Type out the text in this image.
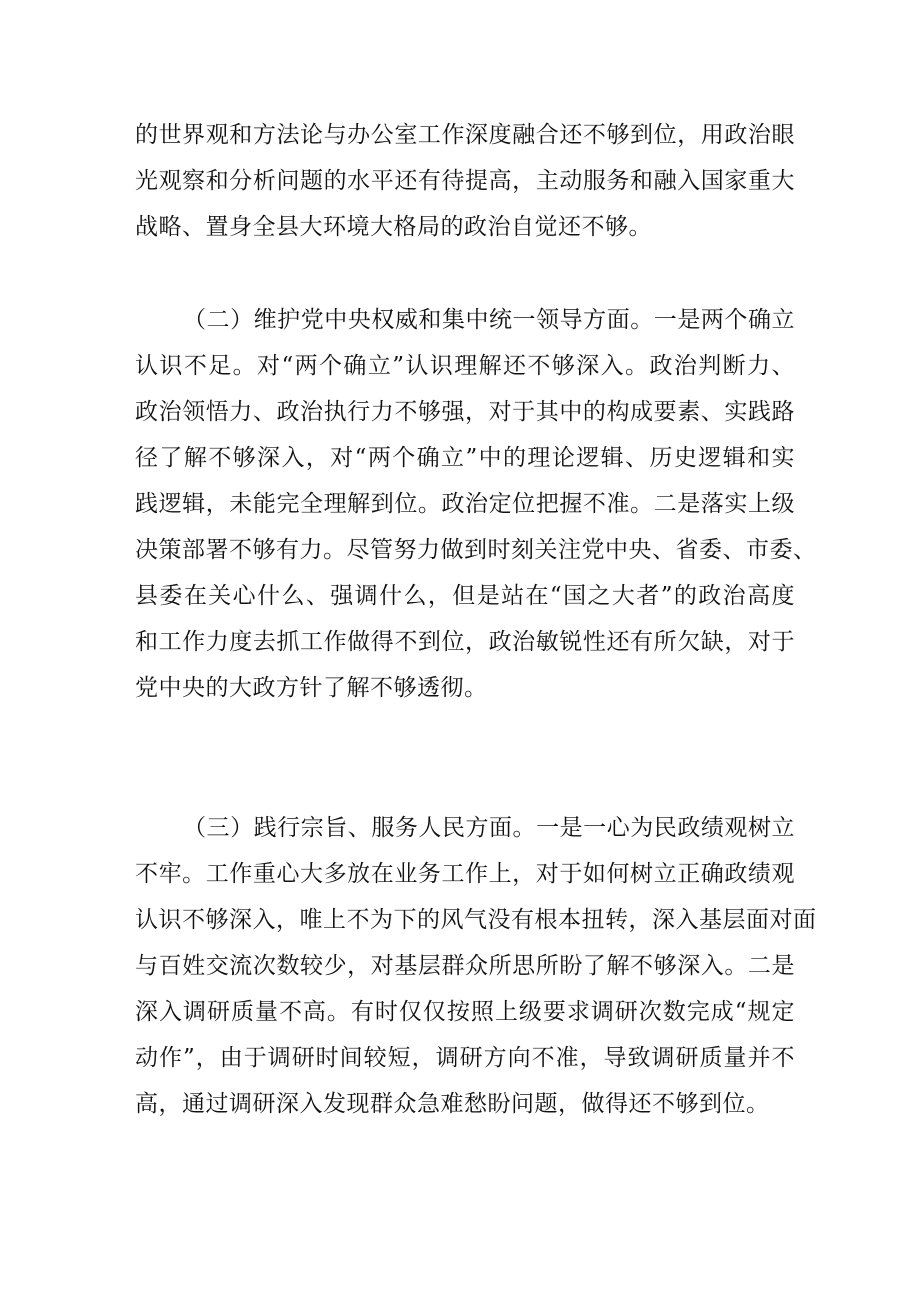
的世界观和方法论与办公室工作深度融合还不够到位，用政治眼
光观察和分析问题的水平还有待提高，主动服务和融入国家重大
战略、置身全县大环境大格局的政治自觉还不够。

（二）维护党中央权威和集中统一领导方面。一是两个确立
认识不足。对“两个确立”认识理解还不够深入。政治判断力、
政治领悟力、政治执行力不够强，对于其中的构成要素、实践路
径了解不够深入，对“两个确立”中的理论逻辑、历史逻辑和实
践逻辑，未能完全理解到位。政治定位把握不准。二是落实上级
决策部署不够有力。尽管努力做到时刻关注党中央、省委、市委、
县委在关心什么、强调什么，但是站在“国之大者”的政治高度
和工作力度去抓工作做得不到位，政治敏锐性还有所欠缺，对于
党中央的大政方针了解不够透彻。

（三）践行宗旨、服务人民方面。一是一心为民政绩观树立
不牢。工作重心大多放在业务工作上，对于如何树立正确政绩观
认识不够深入，唯上不为下的风气没有根本扭转，深入基层面对面
与百姓交流次数较少，对基层群众所思所盼了解不够深入。二是
深入调研质量不高。有时仅仅按照上级要求调研次数完成“规定
动作”，由于调研时间较短，调研方向不准，导致调研质量并不
高，通过调研深入发现群众急难愁盼问题，做得还不够到位。
